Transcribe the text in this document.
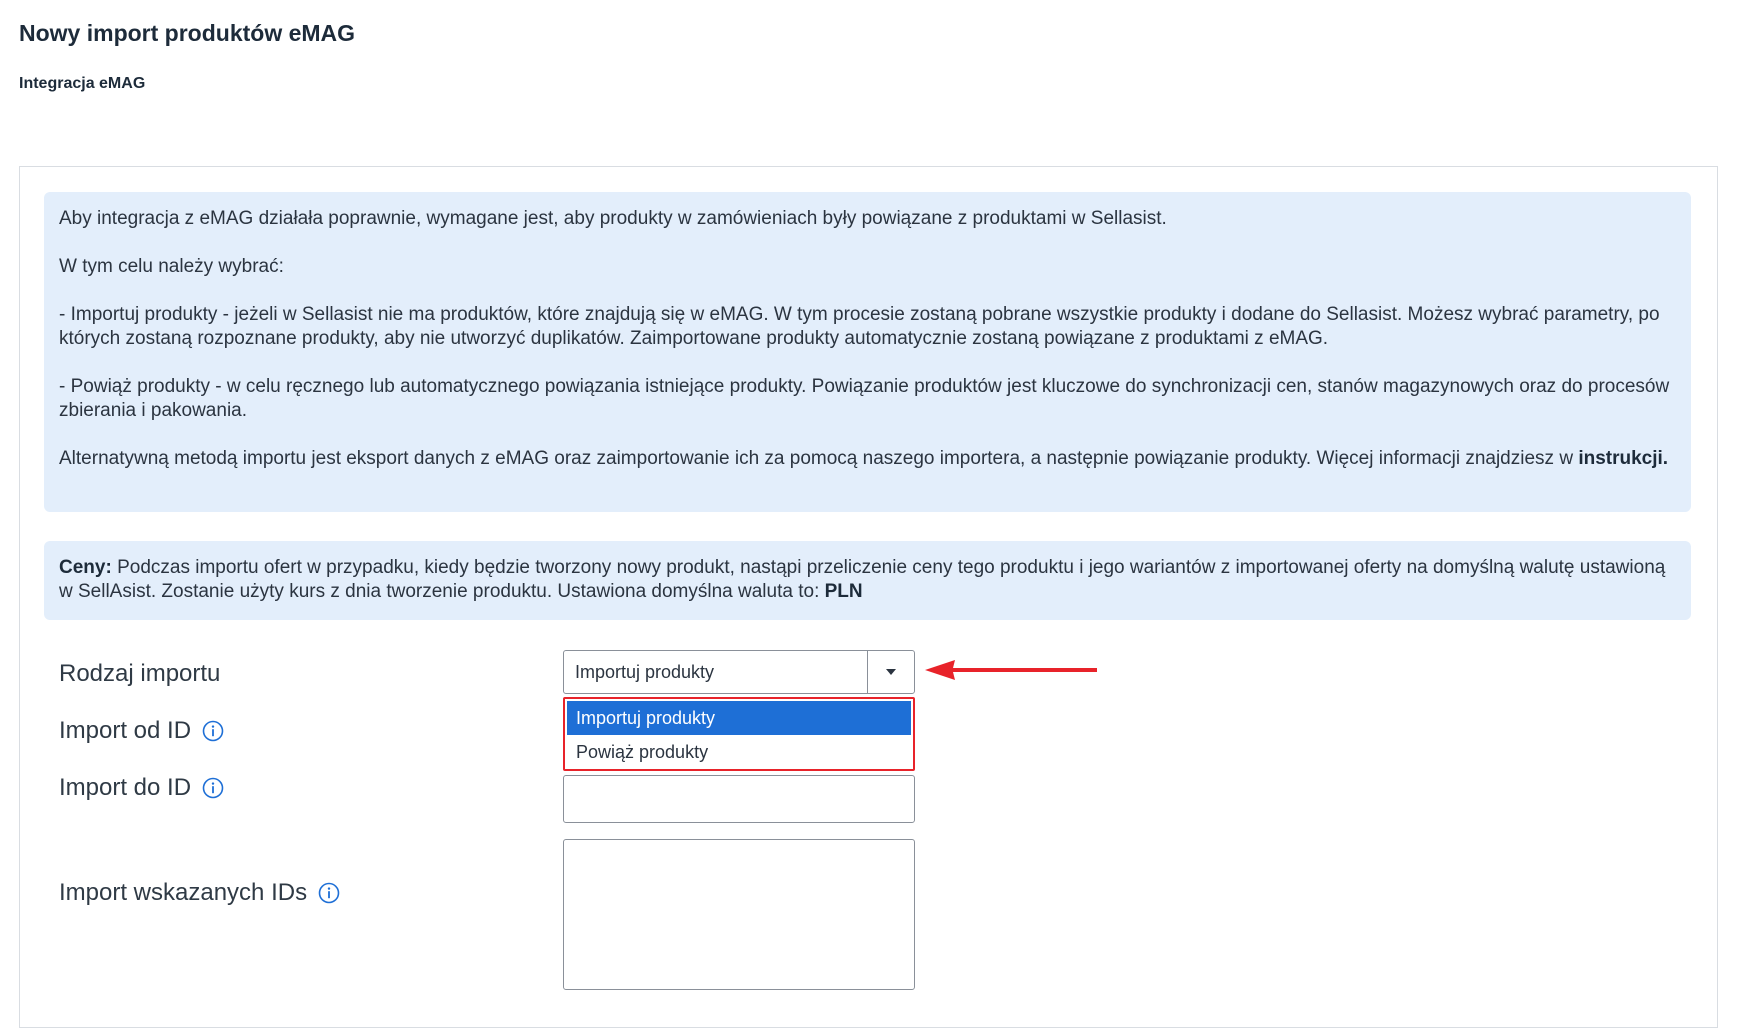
Nowy import produktów eMAG
Integracja eMAG

Aby integracja z eMAG działała poprawnie, wymagane jest, aby produkty w zamówieniach były powiązane z produktami w Sellasist.

W tym celu należy wybrać:

- Importuj produkty - jeżeli w Sellasist nie ma produktów, które znajdują się w eMAG. W tym procesie zostaną pobrane wszystkie produkty i dodane do Sellasist. Możesz wybrać parametry, po których zostaną rozpoznane produkty, aby nie utworzyć duplikatów. Zaimportowane produkty automatycznie zostaną powiązane z produktami z eMAG.

- Powiąż produkty - w celu ręcznego lub automatycznego powiązania istniejące produkty. Powiązanie produktów jest kluczowe do synchronizacji cen, stanów magazynowych oraz do procesów zbierania i pakowania.

Alternatywną metodą importu jest eksport danych z eMAG oraz zaimportowanie ich za pomocą naszego importera, a następnie powiązanie produkty. Więcej informacji znajdziesz w instrukcji.

Ceny: Podczas importu ofert w przypadku, kiedy będzie tworzony nowy produkt, nastąpi przeliczenie ceny tego produktu i jego wariantów z importowanej oferty na domyślną walutę ustawioną w SellAsist. Zostanie użyty kurs z dnia tworzenie produktu. Ustawiona domyślna waluta to: PLN

Rodzaj importu
Import od ID
Import do ID
Import wskazanych IDs
Importuj produkty
Importuj produkty
Powiąż produkty
